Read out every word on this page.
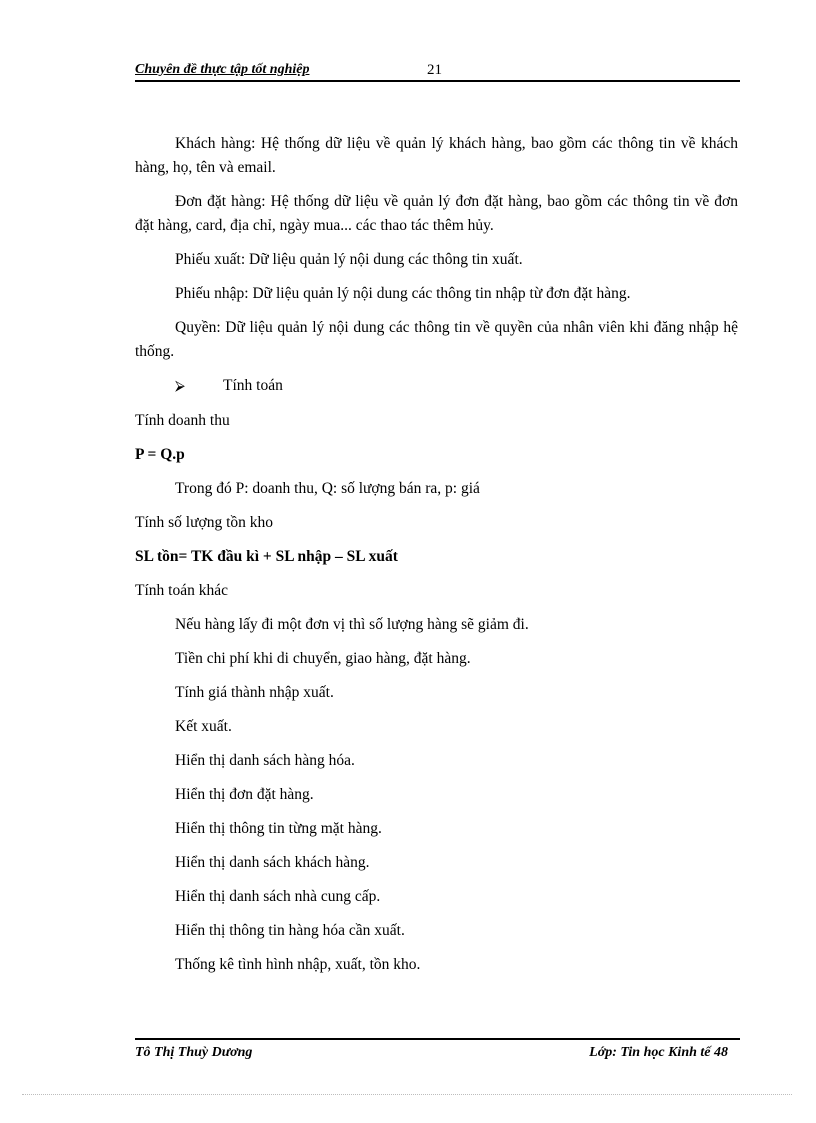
Chuyên đề thực tập tốt nghiệp	21

Khách hàng: Hệ thống dữ liệu về quản lý khách hàng, bao gồm các thông tin về khách hàng, họ, tên và email.

Đơn đặt hàng: Hệ thống dữ liệu về quản lý đơn đặt hàng, bao gồm các thông tin về đơn đặt hàng, card, địa chỉ, ngày mua... các thao tác thêm hủy.

Phiếu xuất: Dữ liệu quản lý nội dung các thông tin xuất.

Phiếu nhập: Dữ liệu quản lý nội dung các thông tin nhập từ đơn đặt hàng.

Quyền: Dữ liệu quản lý nội dung các thông tin về quyền của nhân viên khi đăng nhập hệ thống.

⮚ Tính toán
Tính doanh thu
P = Q.p
Trong đó P: doanh thu, Q: số lượng bán ra, p: giá
Tính số lượng tồn kho
SL tồn= TK đầu kì + SL nhập – SL xuất
Tính toán khác
Nếu hàng lấy đi một đơn vị thì số lượng hàng sẽ giảm đi.
Tiền chi phí khi di chuyển, giao hàng, đặt hàng.
Tính giá thành nhập xuất.
Kết xuất.
Hiển thị danh sách hàng hóa.
Hiển thị đơn đặt hàng.
Hiển thị thông tin từng mặt hàng.
Hiển thị danh sách khách hàng.
Hiển thị danh sách nhà cung cấp.
Hiển thị thông tin hàng hóa cần xuất.
Thống kê tình hình nhập, xuất, tồn kho.
Tô Thị Thuỳ Dương	Lớp: Tin học Kinh tế 48
